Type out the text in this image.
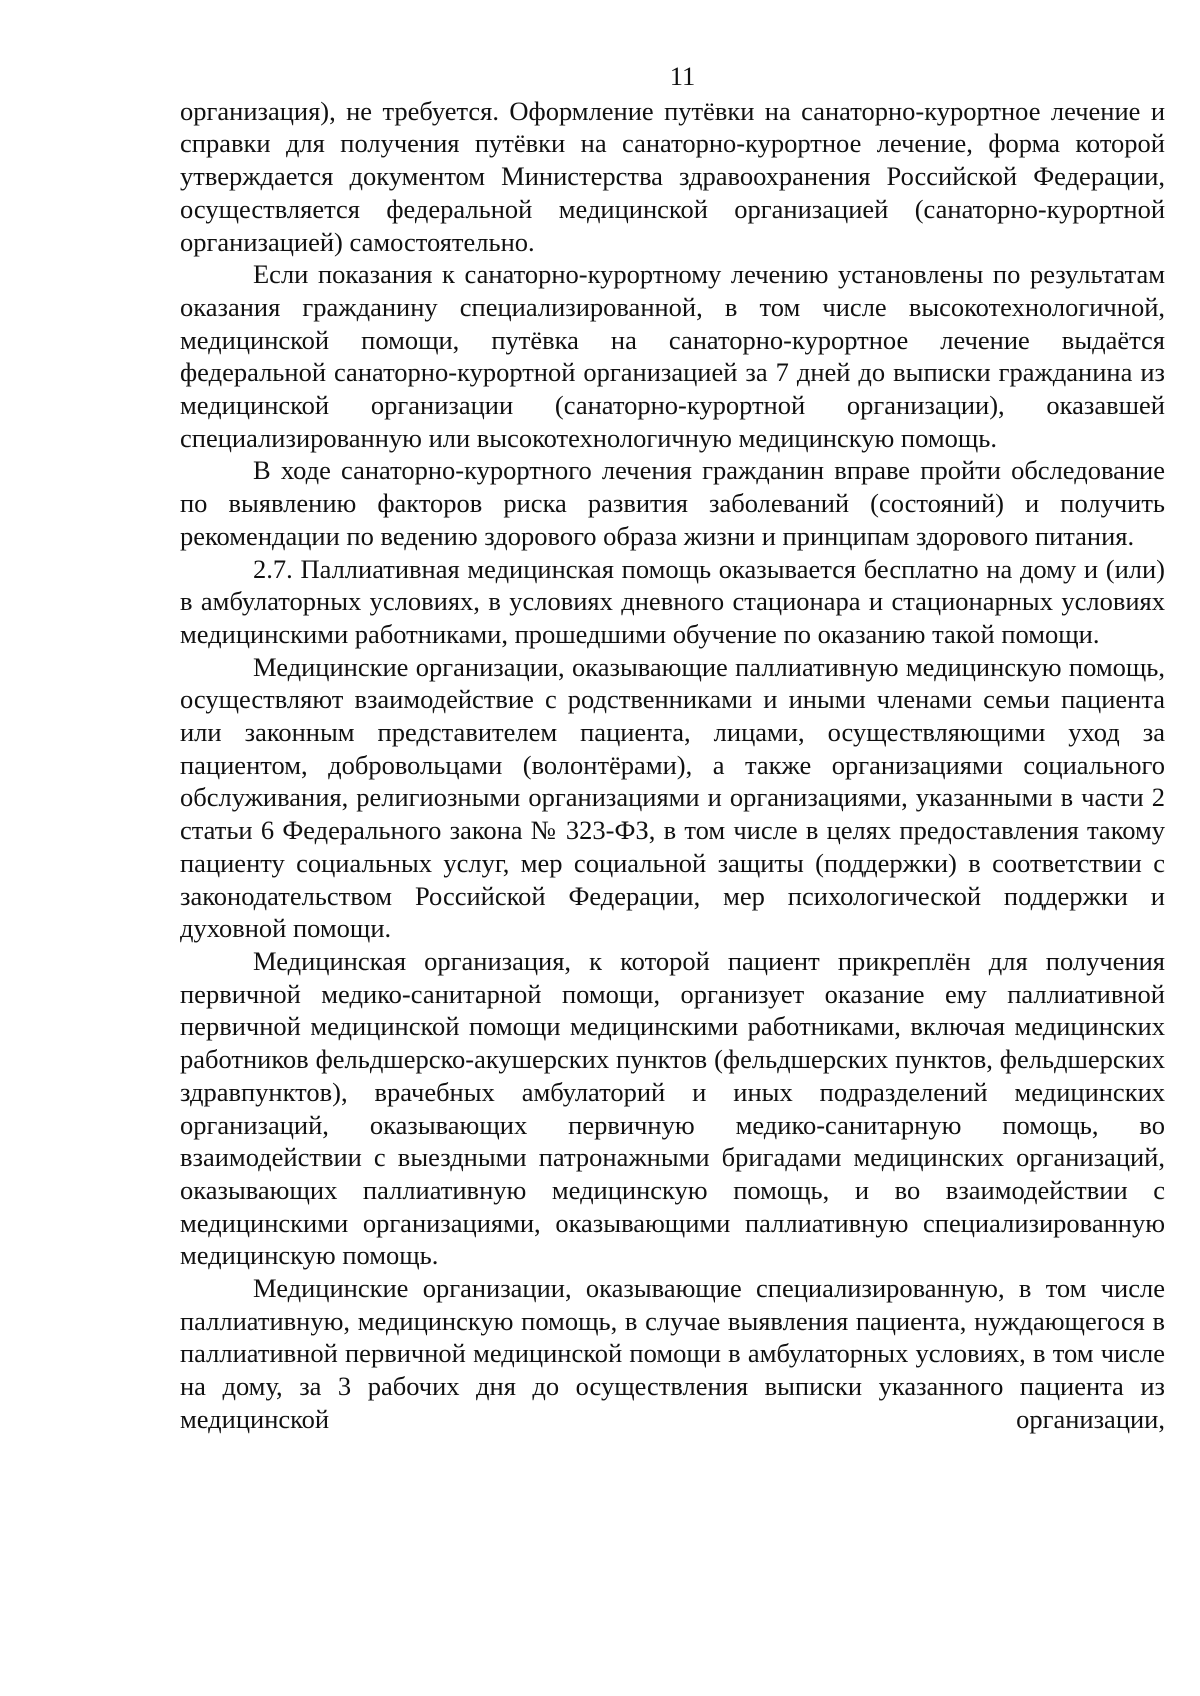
11

организация), не требуется. Оформление путёвки на санаторно-курортное лечение и справки для получения путёвки на санаторно-курортное лечение, форма которой утверждается документом Министерства здравоохранения Российской Федерации, осуществляется федеральной медицинской организацией (санаторно-курортной организацией) самостоятельно.

Если показания к санаторно-курортному лечению установлены по результатам оказания гражданину специализированной, в том числе высокотехнологичной, медицинской помощи, путёвка на санаторно-курортное лечение выдаётся федеральной санаторно-курортной организацией за 7 дней до выписки гражданина из медицинской организации (санаторно-курортной организации), оказавшей специализированную или высокотехнологичную медицинскую помощь.

В ходе санаторно-курортного лечения гражданин вправе пройти обследование по выявлению факторов риска развития заболеваний (состояний) и получить рекомендации по ведению здорового образа жизни и принципам здорового питания.

2.7. Паллиативная медицинская помощь оказывается бесплатно на дому и (или) в амбулаторных условиях, в условиях дневного стационара и стационарных условиях медицинскими работниками, прошедшими обучение по оказанию такой помощи.

Медицинские организации, оказывающие паллиативную медицинскую помощь, осуществляют взаимодействие с родственниками и иными членами семьи пациента или законным представителем пациента, лицами, осуществляющими уход за пациентом, добровольцами (волонтёрами), а также организациями социального обслуживания, религиозными организациями и организациями, указанными в части 2 статьи 6 Федерального закона № 323-ФЗ, в том числе в целях предоставления такому пациенту социальных услуг, мер социальной защиты (поддержки) в соответствии с законодательством Российской Федерации, мер психологической поддержки и духовной помощи.

Медицинская организация, к которой пациент прикреплён для получения первичной медико-санитарной помощи, организует оказание ему паллиативной первичной медицинской помощи медицинскими работниками, включая медицинских работников фельдшерско-акушерских пунктов (фельдшерских пунктов, фельдшерских здравпунктов), врачебных амбулаторий и иных подразделений медицинских организаций, оказывающих первичную медико-санитарную помощь, во взаимодействии с выездными патронажными бригадами медицинских организаций, оказывающих паллиативную медицинскую помощь, и во взаимодействии с медицинскими организациями, оказывающими паллиативную специализированную медицинскую помощь.

Медицинские организации, оказывающие специализированную, в том числе паллиативную, медицинскую помощь, в случае выявления пациента, нуждающегося в паллиативной первичной медицинской помощи в амбулаторных условиях, в том числе на дому, за 3 рабочих дня до осуществления выписки указанного пациента из медицинской организации,
